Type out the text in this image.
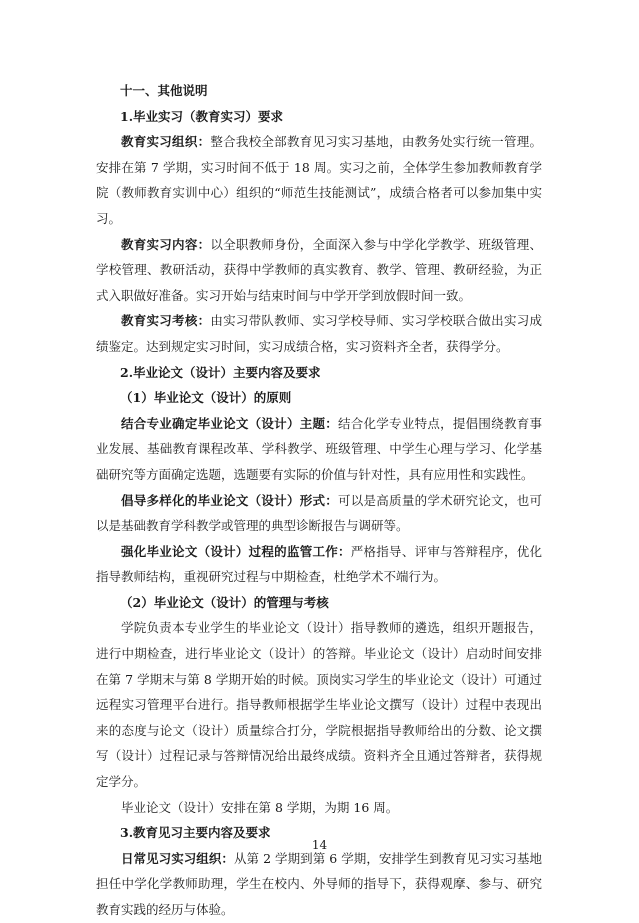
十一、其他说明

1.毕业实习（教育实习）要求

教育实习组织：整合我校全部教育见习实习基地，由教务处实行统一管理。安排在第 7 学期，实习时间不低于 18 周。实习之前，全体学生参加教师教育学院（教师教育实训中心）组织的“师范生技能测试”，成绩合格者可以参加集中实习。

教育实习内容：以全职教师身份，全面深入参与中学化学教学、班级管理、学校管理、教研活动，获得中学教师的真实教育、教学、管理、教研经验，为正式入职做好准备。实习开始与结束时间与中学开学到放假时间一致。

教育实习考核：由实习带队教师、实习学校导师、实习学校联合做出实习成绩鉴定。达到规定实习时间，实习成绩合格，实习资料齐全者，获得学分。

2.毕业论文（设计）主要内容及要求

（1）毕业论文（设计）的原则

结合专业确定毕业论文（设计）主题：结合化学专业特点，提倡围绕教育事业发展、基础教育课程改革、学科教学、班级管理、中学生心理与学习、化学基础研究等方面确定选题，选题要有实际的价值与针对性，具有应用性和实践性。

倡导多样化的毕业论文（设计）形式：可以是高质量的学术研究论文，也可以是基础教育学科教学或管理的典型诊断报告与调研等。

强化毕业论文（设计）过程的监管工作：严格指导、评审与答辩程序，优化指导教师结构，重视研究过程与中期检查，杜绝学术不端行为。

（2）毕业论文（设计）的管理与考核

学院负责本专业学生的毕业论文（设计）指导教师的遴选，组织开题报告，进行中期检查，进行毕业论文（设计）的答辩。毕业论文（设计）启动时间安排在第 7 学期末与第 8 学期开始的时候。顶岗实习学生的毕业论文（设计）可通过远程实习管理平台进行。指导教师根据学生毕业论文撰写（设计）过程中表现出来的态度与论文（设计）质量综合打分，学院根据指导教师给出的分数、论文撰写（设计）过程记录与答辩情况给出最终成绩。资料齐全且通过答辩者，获得规定学分。

毕业论文（设计）安排在第 8 学期，为期 16 周。

3.教育见习主要内容及要求

日常见习实习组织：从第 2 学期到第 6 学期，安排学生到教育见习实习基地担任中学化学教师助理，学生在校内、外导师的指导下，获得观摩、参与、研究教育实践的经历与体验。

14
